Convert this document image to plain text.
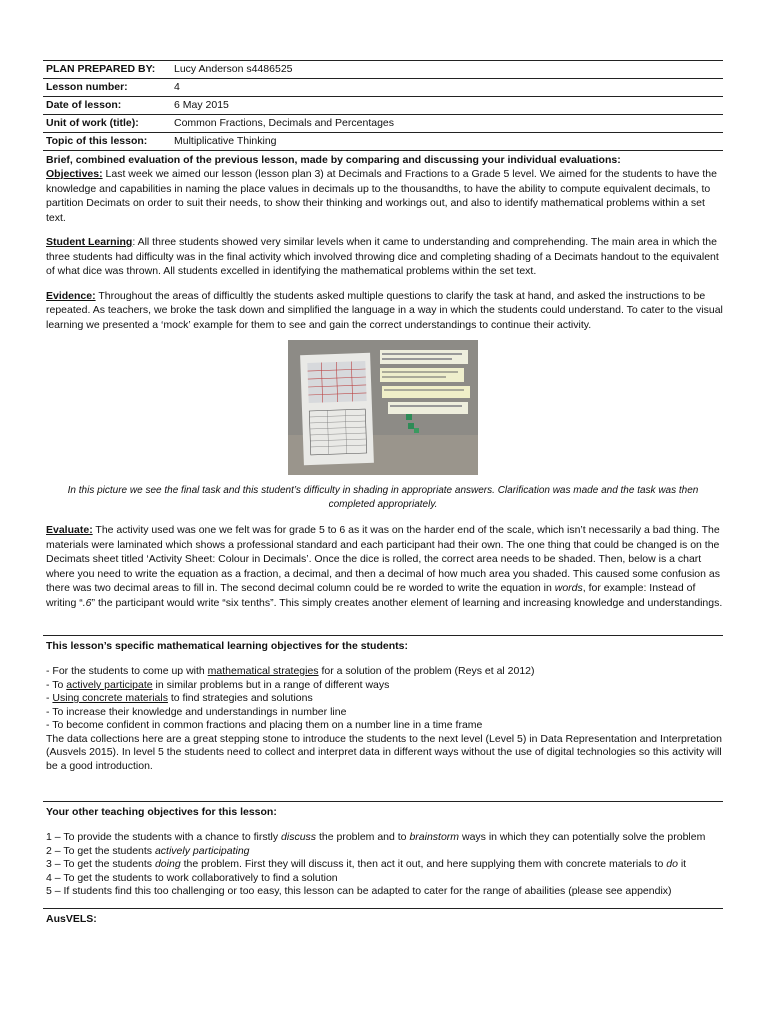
PLAN PREPARED BY:	Lucy Anderson s4486525
Lesson number:	4
Date of lesson:	6 May 2015
Unit of work (title):	Common Fractions, Decimals and Percentages
Topic of this lesson:	Multiplicative Thinking
Brief, combined evaluation of the previous lesson, made by comparing and discussing your individual evaluations:

Objectives: Last week we aimed our lesson (lesson plan 3) at Decimals and Fractions to a Grade 5 level. We aimed for the students to have the knowledge and capabilities in naming the place values in decimals up to the thousandths, to have the ability to compute equivalent decimals, to partition Decimats on order to suit their needs, to show their thinking and workings out, and also to identify mathematical problems within a set text.

Student Learning: All three students showed very similar levels when it came to understanding and comprehending. The main area in which the three students had difficulty was in the final activity which involved throwing dice and completing shading of a Decimats handout to the equivalent of what dice was thrown. All students excelled in identifying the mathematical problems within the set text.

Evidence: Throughout the areas of difficultly the students asked multiple questions to clarify the task at hand, and asked the instructions to be repeated. As teachers, we broke the task down and simplified the language in a way in which the students could understand. To cater to the visual learning we presented a ‘mock’ example for them to see and gain the correct understandings to continue their activity.

In this picture we see the final task and this student’s difficulty in shading in appropriate answers. Clarification was made and the task was then completed appropriately.

Evaluate: The activity used was one we felt was for grade 5 to 6 as it was on the harder end of the scale, which isn’t necessarily a bad thing. The materials were laminated which shows a professional standard and each participant had their own. The one thing that could be changed is on the Decimats sheet titled ‘Activity Sheet: Colour in Decimals’. Once the dice is rolled, the correct area needs to be shaded. Then, below is a chart where you need to write the equation as a fraction, a decimal, and then a decimal of how much area you shaded. This caused some confusion as there was two decimal areas to fill in. The second decimal column could be re worded to write the equation in words, for example: Instead of writing “.6” the participant would write “six tenths”. This simply creates another element of learning and increasing knowledge and understandings.

This lesson’s specific mathematical learning objectives for the students:

- For the students to come up with mathematical strategies for a solution of the problem (Reys et al 2012)

- To actively participate in similar problems but in a range of different ways

- Using concrete materials to find strategies and solutions

- To increase their knowledge and understandings in number line

- To become confident in common fractions and placing them on a number line in a time frame

The data collections here are a great stepping stone to introduce the students to the next level (Level 5) in Data Representation and Interpretation (Ausvels 2015). In level 5 the students need to collect and interpret data in different ways without the use of digital technologies so this activity will be a good introduction.

Your other teaching objectives for this lesson:

1 – To provide the students with a chance to firstly discuss the problem and to brainstorm ways in which they can potentially solve the problem

2 – To get the students actively participating

3 – To get the students doing the problem. First they will discuss it, then act it out, and here supplying them with concrete materials to do it

4 – To get the students to work collaboratively to find a solution

5 – If students find this too challenging or too easy, this lesson can be adapted to cater for the range of abailities (please see appendix)

AusVELS:
